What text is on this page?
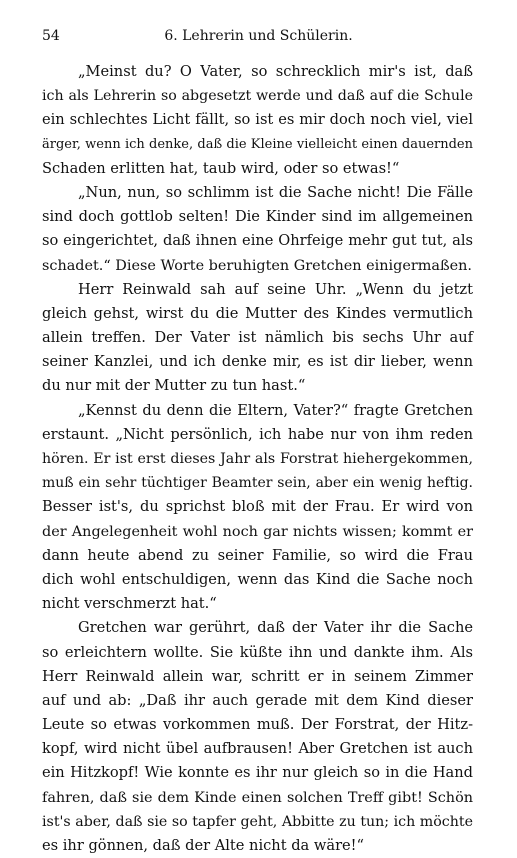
54	6. Lehrerin und Schülerin.
„Meinst du? O Vater, so schrecklich mir's ist, daß
ich als Lehrerin so abgesetzt werde und daß auf die Schule
ein schlechtes Licht fällt, so ist es mir doch noch viel, viel
ärger, wenn ich denke, daß die Kleine vielleicht einen dauernden
Schaden erlitten hat, taub wird, oder so etwas!“
„Nun, nun, so schlimm ist die Sache nicht! Die Fälle
sind doch gottlob selten! Die Kinder sind im allgemeinen
so eingerichtet, daß ihnen eine Ohrfeige mehr gut tut, als
schadet.“ Diese Worte beruhigten Gretchen einigermaßen.
Herr Reinwald sah auf seine Uhr. „Wenn du jetzt
gleich gehst, wirst du die Mutter des Kindes vermutlich
allein treffen. Der Vater ist nämlich bis sechs Uhr auf
seiner Kanzlei, und ich denke mir, es ist dir lieber, wenn
du nur mit der Mutter zu tun hast.“
„Kennst du denn die Eltern, Vater?“ fragte Gretchen
erstaunt. „Nicht persönlich, ich habe nur von ihm reden
hören. Er ist erst dieses Jahr als Forstrat hiehergekommen,
muß ein sehr tüchtiger Beamter sein, aber ein wenig heftig.
Besser ist's, du sprichst bloß mit der Frau. Er wird von
der Angelegenheit wohl noch gar nichts wissen; kommt er
dann heute abend zu seiner Familie, so wird die Frau
dich wohl entschuldigen, wenn das Kind die Sache noch
nicht verschmerzt hat.“
Gretchen war gerührt, daß der Vater ihr die Sache
so erleichtern wollte. Sie küßte ihn und dankte ihm. Als
Herr Reinwald allein war, schritt er in seinem Zimmer
auf und ab: „Daß ihr auch gerade mit dem Kind dieser
Leute so etwas vorkommen muß. Der Forstrat, der Hitz-
kopf, wird nicht übel aufbrausen! Aber Gretchen ist auch
ein Hitzkopf! Wie konnte es ihr nur gleich so in die Hand
fahren, daß sie dem Kinde einen solchen Treff gibt! Schön
ist's aber, daß sie so tapfer geht, Abbitte zu tun; ich möchte
es ihr gönnen, daß der Alte nicht da wäre!“
